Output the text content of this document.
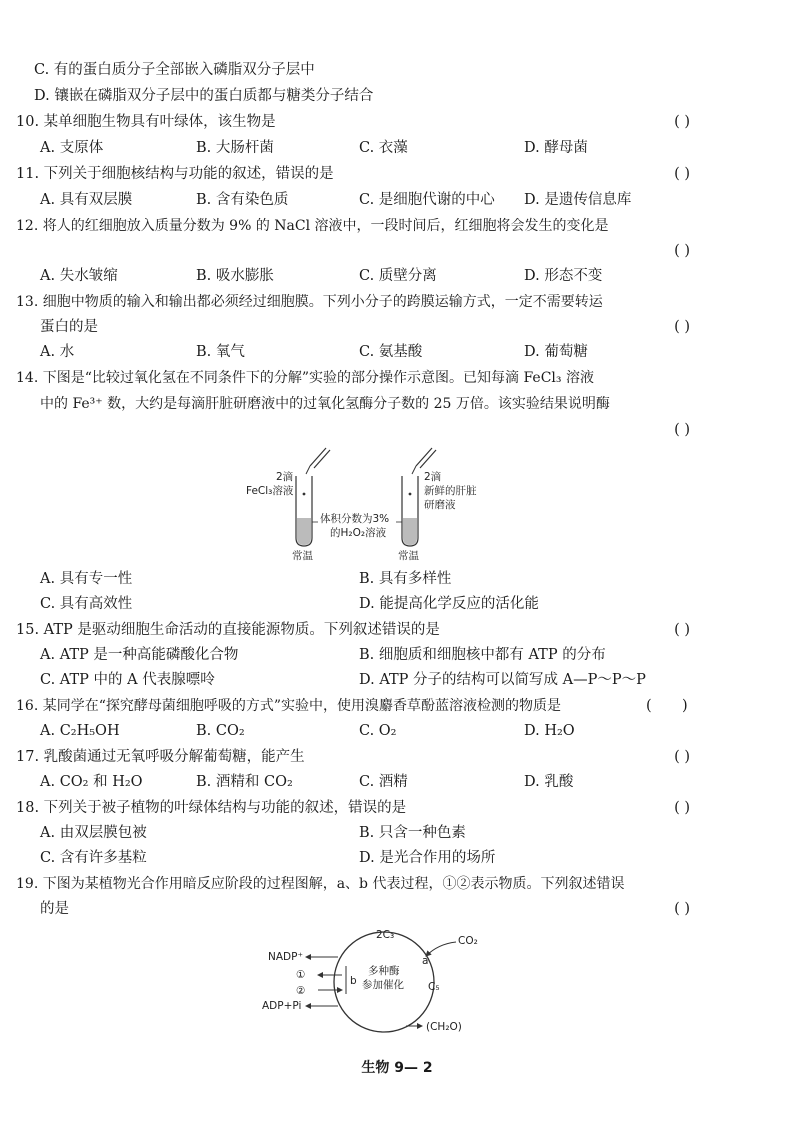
C. 有的蛋白质分子全部嵌入磷脂双分子层中
D. 镶嵌在磷脂双分子层中的蛋白质都与糖类分子结合
10. 某单细胞生物具有叶绿体，该生物是	( )
A. 支原体	B. 大肠杆菌	C. 衣藻	D. 酵母菌
11. 下列关于细胞核结构与功能的叙述，错误的是	( )
A. 具有双层膜	B. 含有染色质	C. 是细胞代谢的中心 D. 是遗传信息库
12. 将人的红细胞放入质量分数为 9% 的 NaCl 溶液中，一段时间后，红细胞将会发生的变化是
( )
A. 失水皱缩	B. 吸水膨胀	C. 质壁分离	D. 形态不变
13. 细胞中物质的输入和输出都必须经过细胞膜。下列小分子的跨膜运输方式，一定不需要转运
蛋白的是	( )
A. 水	B. 氧气	C. 氨基酸	D. 葡萄糖
14. 下图是“比较过氧化氢在不同条件下的分解”实验的部分操作示意图。已知每滴 FeCl₃ 溶液
中的 Fe³⁺ 数，大约是每滴肝脏研磨液中的过氧化氢酶分子数的 25 万倍。该实验结果说明酶
( )
2滴
FeCl₃溶液
2滴
新鲜的肝脏
研磨液
体积分数为3%
的H₂O₂溶液
常温	常温
A. 具有专一性	B. 具有多样性
C. 具有高效性	D. 能提高化学反应的活化能
15. ATP 是驱动细胞生命活动的直接能源物质。下列叙述错误的是	( )
A. ATP 是一种高能磷酸化合物	B. 细胞质和细胞核中都有 ATP 的分布
C. ATP 中的 A 代表腺嘌呤	D. ATP 分子的结构可以简写成 A—P～P～P
16. 某同学在“探究酵母菌细胞呼吸的方式”实验中，使用溴麝香草酚蓝溶液检测的物质是	( )
A. C₂H₅OH	B. CO₂	C. O₂	D. H₂O
17. 乳酸菌通过无氧呼吸分解葡萄糖，能产生	( )
A. CO₂ 和 H₂O	B. 酒精和 CO₂	C. 酒精	D. 乳酸
18. 下列关于被子植物的叶绿体结构与功能的叙述，错误的是	( )
A. 由双层膜包被	B. 只含一种色素
C. 含有许多基粒	D. 是光合作用的场所
19. 下图为某植物光合作用暗反应阶段的过程图解，a、b 代表过程，①②表示物质。下列叙述错误
的是	( )
2C₃	CO₂
a
b	C₅
多种酶
参加催化
NADP⁺
①
②
ADP+Pi
(CH₂O)
生物 9— 2
